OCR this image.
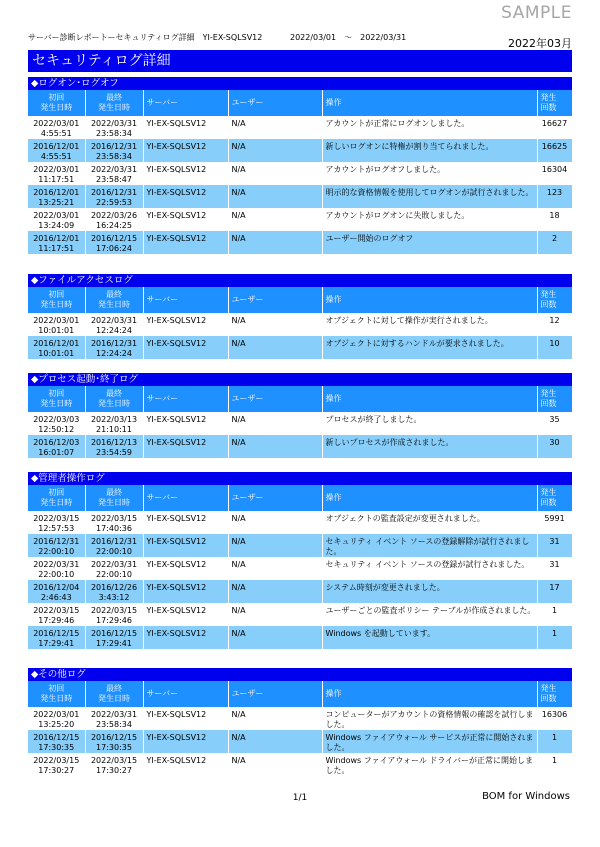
SAMPLE
サーバー診断レポートーセキュリティログ詳細　YI-EX-SQLSV12	2022/03/01　～　2022/03/31	2022年03月
セキュリティログ詳細
◆ログオン･ログオフ
初回
発生日時	最終
発生日時	サーバー	ユーザー	操作	発生
回数

2022/03/01
4:55:51	2022/03/31
23:58:34	YI-EX-SQLSV12	N/A	アカウントが正常にログオンしました。	16627

2016/12/01
4:55:51	2016/12/31
23:58:34	YI-EX-SQLSV12	N/A	新しいログオンに特権が割り当てられました。	16625

2022/03/01
11:17:51	2022/03/31
23:58:47	YI-EX-SQLSV12	N/A	アカウントがログオフしました。	16304

2016/12/01
13:25:21	2016/12/31
22:59:53	YI-EX-SQLSV12	N/A	明示的な資格情報を使用してログオンが試行されました。	123

2022/03/01
13:24:09	2022/03/26
16:24:25	YI-EX-SQLSV12	N/A	アカウントがログオンに失敗しました。	18

2016/12/01
11:17:51	2016/12/15
17:06:24	YI-EX-SQLSV12	N/A	ユーザー開始のログオフ	2
◆ファイルアクセスログ
初回
発生日時	最終
発生日時	サーバー	ユーザー	操作	発生
回数

2022/03/01
10:01:01	2022/03/31
12:24:24	YI-EX-SQLSV12	N/A	オブジェクトに対して操作が実行されました。	12

2016/12/01
10:01:01	2016/12/31
12:24:24	YI-EX-SQLSV12	N/A	オブジェクトに対するハンドルが要求されました。	10
◆プロセス起動･終了ログ
初回
発生日時	最終
発生日時	サーバー	ユーザー	操作	発生
回数

2022/03/03
12:50:12	2022/03/13
21:10:11	YI-EX-SQLSV12	N/A	プロセスが終了しました。	35

2016/12/03
16:01:07	2016/12/13
23:54:59	YI-EX-SQLSV12	N/A	新しいプロセスが作成されました。	30
◆管理者操作ログ
初回
発生日時	最終
発生日時	サーバー	ユーザー	操作	発生
回数

2022/03/15
12:57:53	2022/03/15
17:40:36	YI-EX-SQLSV12	N/A	オブジェクトの監査設定が変更されました。	5991

2016/12/31
22:00:10	2016/12/31
22:00:10	YI-EX-SQLSV12	N/A	セキュリティ イベント ソースの登録解除が試行されました。	31

2022/03/31
22:00:10	2022/03/31
22:00:10	YI-EX-SQLSV12	N/A	セキュリティ イベント ソースの登録が試行されました。	31

2016/12/04
2:46:43	2016/12/26
3:43:12	YI-EX-SQLSV12	N/A	システム時刻が変更されました。	17

2022/03/15
17:29:46	2022/03/15
17:29:46	YI-EX-SQLSV12	N/A	ユーザーごとの監査ポリシー テーブルが作成されました。	1

2016/12/15
17:29:41	2016/12/15
17:29:41	YI-EX-SQLSV12	N/A	Windows を起動しています。	1
◆その他ログ
初回
発生日時	最終
発生日時	サーバー	ユーザー	操作	発生
回数

2022/03/01
13:25:20	2022/03/31
23:58:34	YI-EX-SQLSV12	N/A	コンピューターがアカウントの資格情報の確認を試行しました。	16306

2016/12/15
17:30:35	2016/12/15
17:30:35	YI-EX-SQLSV12	N/A	Windows ファイアウォール サービスが正常に開始されました。	1

2022/03/15
17:30:27	2022/03/15
17:30:27	YI-EX-SQLSV12	N/A	Windows ファイアウォール ドライバーが正常に開始しました。	1
1/1	BOM for Windows
